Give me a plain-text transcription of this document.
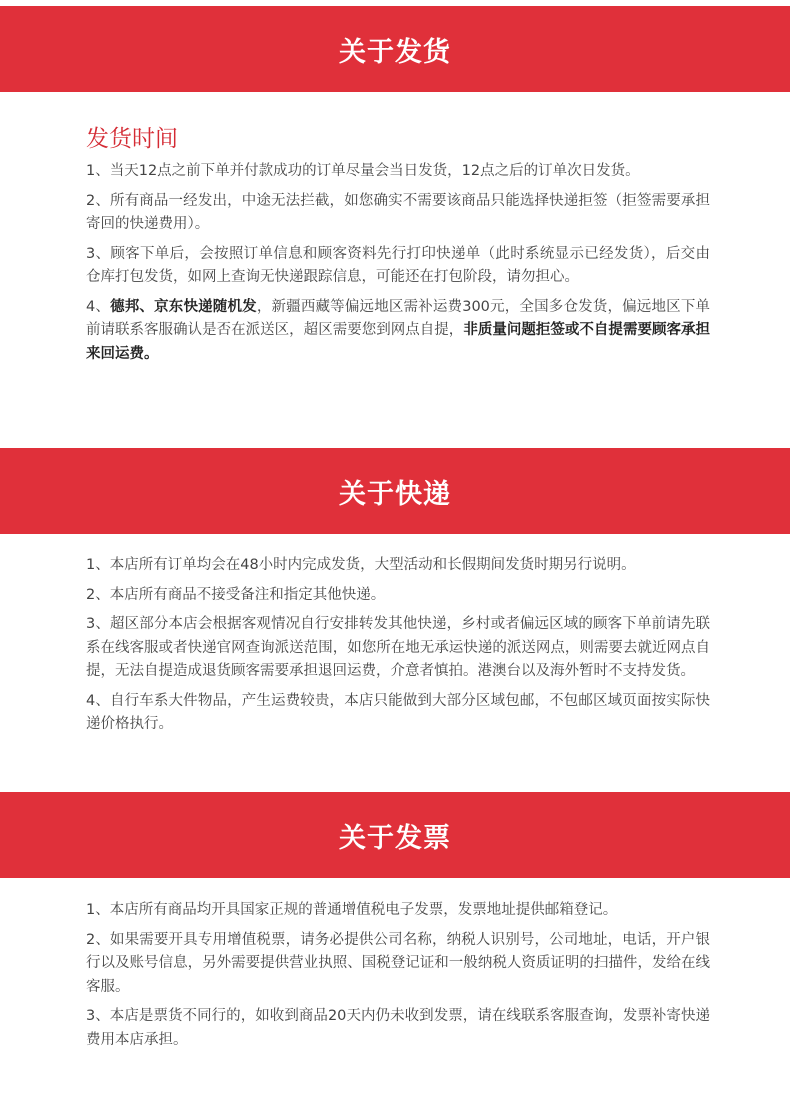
关于发货
发货时间

1、当天12点之前下单并付款成功的订单尽量会当日发货，12点之后的订单次日发货。

2、所有商品一经发出，中途无法拦截，如您确实不需要该商品只能选择快递拒签（拒签需要承担寄回的快递费用）。

3、顾客下单后，会按照订单信息和顾客资料先行打印快递单（此时系统显示已经发货），后交由仓库打包发货，如网上查询无快递跟踪信息，可能还在打包阶段，请勿担心。

4、德邦、京东快递随机发，新疆西藏等偏远地区需补运费300元，全国多仓发货，偏远地区下单前请联系客服确认是否在派送区，超区需要您到网点自提，非质量问题拒签或不自提需要顾客承担来回运费。

关于快递

1、本店所有订单均会在48小时内完成发货，大型活动和长假期间发货时期另行说明。

2、本店所有商品不接受备注和指定其他快递。

3、超区部分本店会根据客观情况自行安排转发其他快递，乡村或者偏远区域的顾客下单前请先联系在线客服或者快递官网查询派送范围，如您所在地无承运快递的派送网点，则需要去就近网点自提，无法自提造成退货顾客需要承担退回运费，介意者慎拍。港澳台以及海外暂时不支持发货。

4、自行车系大件物品，产生运费较贵，本店只能做到大部分区域包邮，不包邮区域页面按实际快递价格执行。

关于发票

1、本店所有商品均开具国家正规的普通增值税电子发票，发票地址提供邮箱登记。

2、如果需要开具专用增值税票，请务必提供公司名称，纳税人识别号，公司地址，电话，开户银行以及账号信息，另外需要提供营业执照、国税登记证和一般纳税人资质证明的扫描件，发给在线客服。

3、本店是票货不同行的，如收到商品20天内仍未收到发票，请在线联系客服查询，发票补寄快递费用本店承担。
